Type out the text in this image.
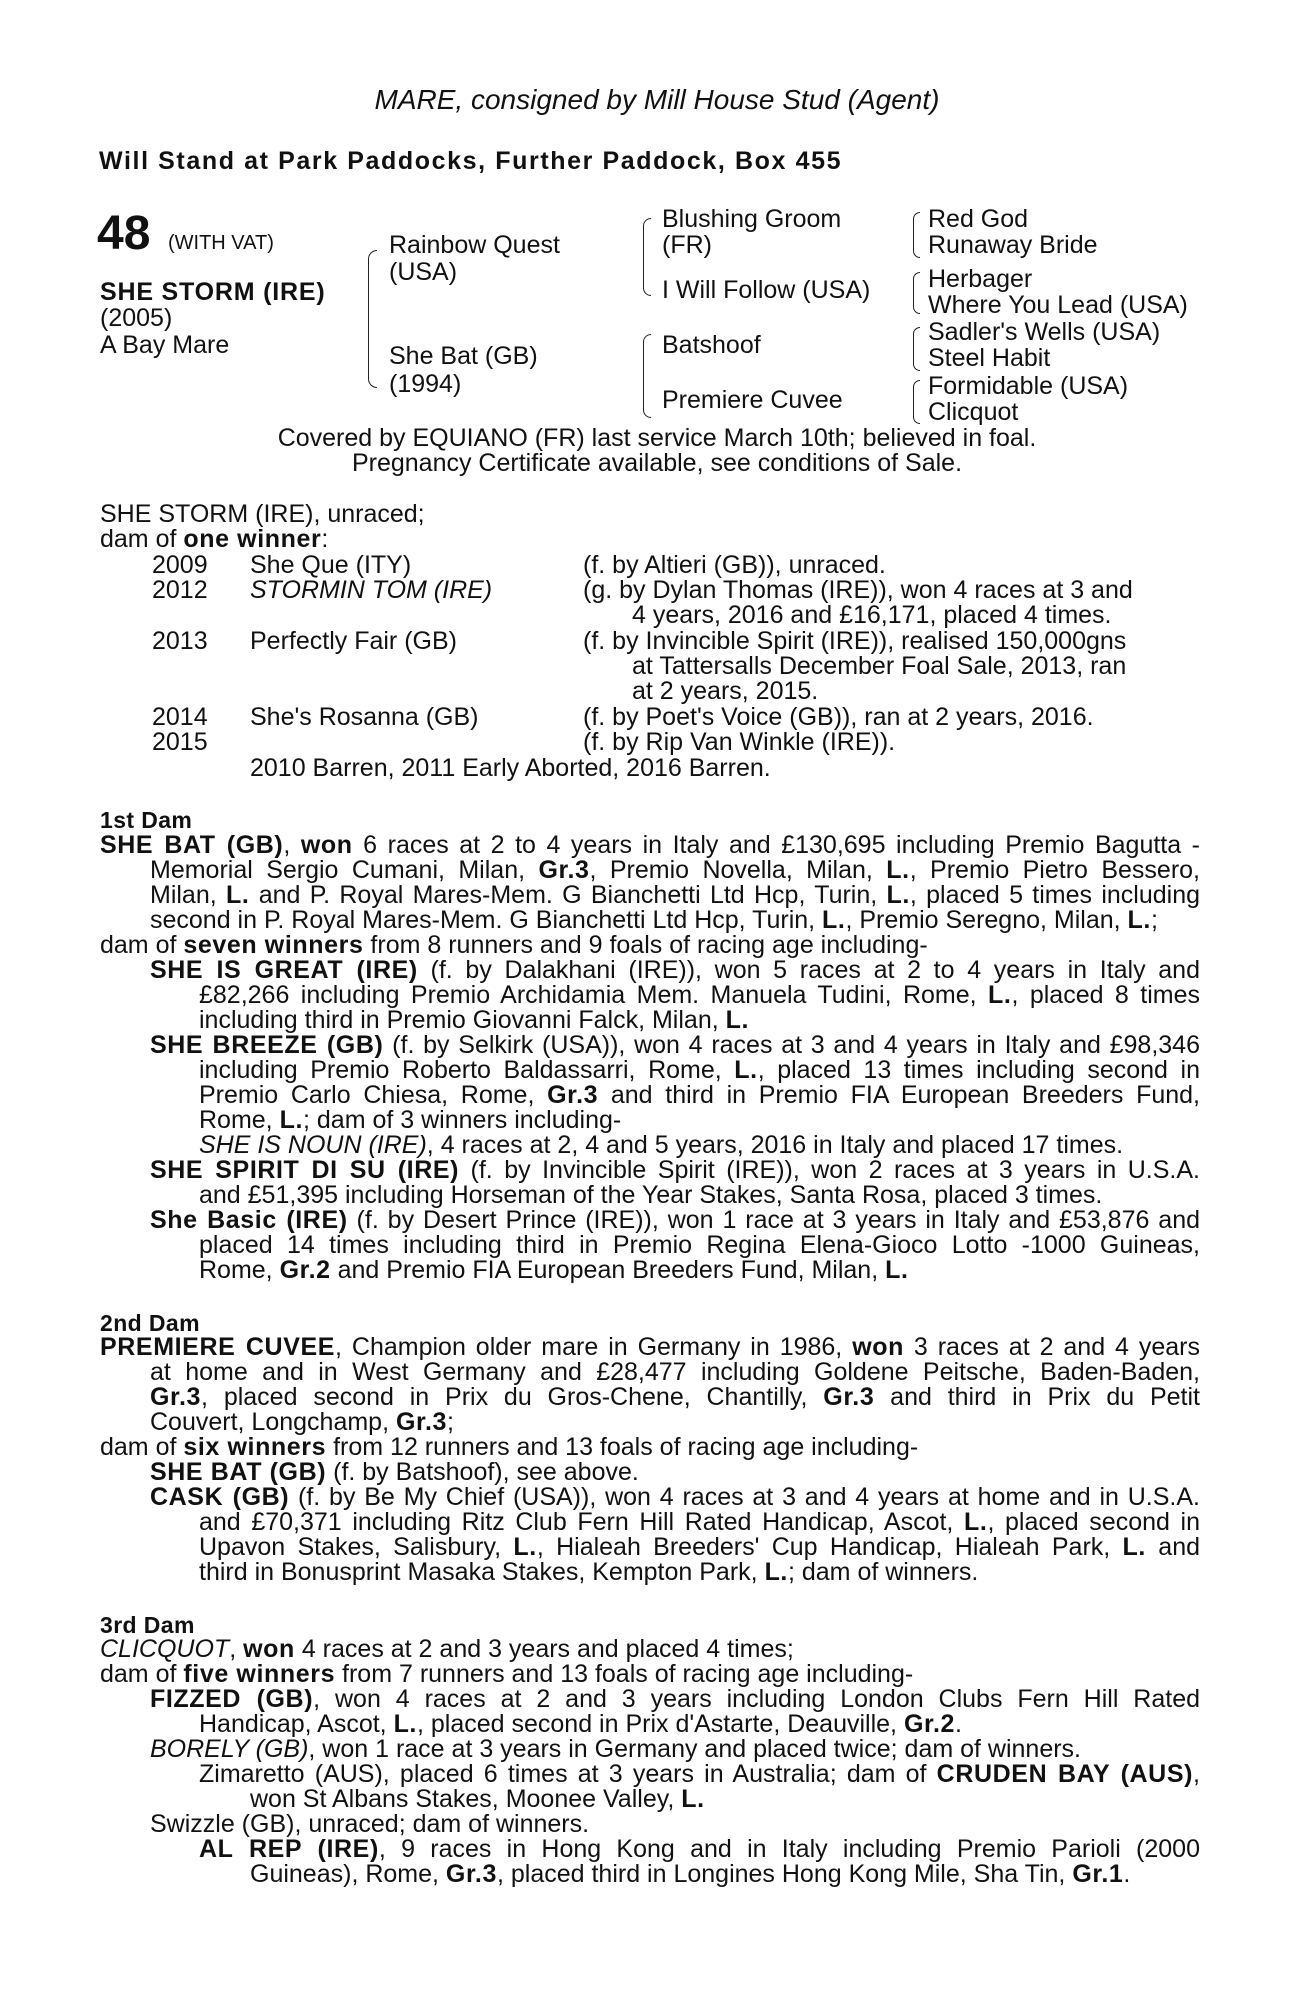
MARE, consigned by Mill House Stud (Agent)
Will Stand at Park Paddocks, Further Paddock, Box 455
48 (WITH VAT)
SHE STORM (IRE)
(2005)
A Bay Mare
Rainbow Quest
(USA)
She Bat (GB)
(1994)
Blushing Groom
(FR)
I Will Follow (USA)
Batshoof
Premiere Cuvee
Red God
Runaway Bride
Herbager
Where You Lead (USA)
Sadler's Wells (USA)
Steel Habit
Formidable (USA)
Clicquot
Covered by EQUIANO (FR) last service March 10th; believed in foal.
Pregnancy Certificate available, see conditions of Sale.
SHE STORM (IRE), unraced;
dam of one winner:
2009 She Que (ITY)	(f. by Altieri (GB)), unraced.
2012 STORMIN TOM (IRE)	(g. by Dylan Thomas (IRE)), won 4 races at 3 and
4 years, 2016 and £16,171, placed 4 times.
2013 Perfectly Fair (GB)	(f. by Invincible Spirit (IRE)), realised 150,000gns
at Tattersalls December Foal Sale, 2013, ran
at 2 years, 2015.
2014 She's Rosanna (GB)	(f. by Poet's Voice (GB)), ran at 2 years, 2016.
2015	(f. by Rip Van Winkle (IRE)).
2010 Barren, 2011 Early Aborted, 2016 Barren.
1st Dam
SHE BAT (GB), won 6 races at 2 to 4 years in Italy and £130,695 including Premio Bagutta -
Memorial Sergio Cumani, Milan, Gr.3, Premio Novella, Milan, L., Premio Pietro Bessero,
Milan, L. and P. Royal Mares-Mem. G Bianchetti Ltd Hcp, Turin, L., placed 5 times including
second in P. Royal Mares-Mem. G Bianchetti Ltd Hcp, Turin, L., Premio Seregno, Milan, L.;
dam of seven winners from 8 runners and 9 foals of racing age including-
SHE IS GREAT (IRE) (f. by Dalakhani (IRE)), won 5 races at 2 to 4 years in Italy and
£82,266 including Premio Archidamia Mem. Manuela Tudini, Rome, L., placed 8 times
including third in Premio Giovanni Falck, Milan, L.
SHE BREEZE (GB) (f. by Selkirk (USA)), won 4 races at 3 and 4 years in Italy and £98,346
including Premio Roberto Baldassarri, Rome, L., placed 13 times including second in
Premio Carlo Chiesa, Rome, Gr.3 and third in Premio FIA European Breeders Fund,
Rome, L.; dam of 3 winners including-
SHE IS NOUN (IRE), 4 races at 2, 4 and 5 years, 2016 in Italy and placed 17 times.
SHE SPIRIT DI SU (IRE) (f. by Invincible Spirit (IRE)), won 2 races at 3 years in U.S.A.
and £51,395 including Horseman of the Year Stakes, Santa Rosa, placed 3 times.
She Basic (IRE) (f. by Desert Prince (IRE)), won 1 race at 3 years in Italy and £53,876 and
placed 14 times including third in Premio Regina Elena-Gioco Lotto -1000 Guineas,
Rome, Gr.2 and Premio FIA European Breeders Fund, Milan, L.
2nd Dam
PREMIERE CUVEE, Champion older mare in Germany in 1986, won 3 races at 2 and 4 years
at home and in West Germany and £28,477 including Goldene Peitsche, Baden-Baden,
Gr.3, placed second in Prix du Gros-Chene, Chantilly, Gr.3 and third in Prix du Petit
Couvert, Longchamp, Gr.3;
dam of six winners from 12 runners and 13 foals of racing age including-
SHE BAT (GB) (f. by Batshoof), see above.
CASK (GB) (f. by Be My Chief (USA)), won 4 races at 3 and 4 years at home and in U.S.A.
and £70,371 including Ritz Club Fern Hill Rated Handicap, Ascot, L., placed second in
Upavon Stakes, Salisbury, L., Hialeah Breeders' Cup Handicap, Hialeah Park, L. and
third in Bonusprint Masaka Stakes, Kempton Park, L.; dam of winners.
3rd Dam
CLICQUOT, won 4 races at 2 and 3 years and placed 4 times;
dam of five winners from 7 runners and 13 foals of racing age including-
FIZZED (GB), won 4 races at 2 and 3 years including London Clubs Fern Hill Rated
Handicap, Ascot, L., placed second in Prix d'Astarte, Deauville, Gr.2.
BORELY (GB), won 1 race at 3 years in Germany and placed twice; dam of winners.
Zimaretto (AUS), placed 6 times at 3 years in Australia; dam of CRUDEN BAY (AUS),
won St Albans Stakes, Moonee Valley, L.
Swizzle (GB), unraced; dam of winners.
AL REP (IRE), 9 races in Hong Kong and in Italy including Premio Parioli (2000
Guineas), Rome, Gr.3, placed third in Longines Hong Kong Mile, Sha Tin, Gr.1.
